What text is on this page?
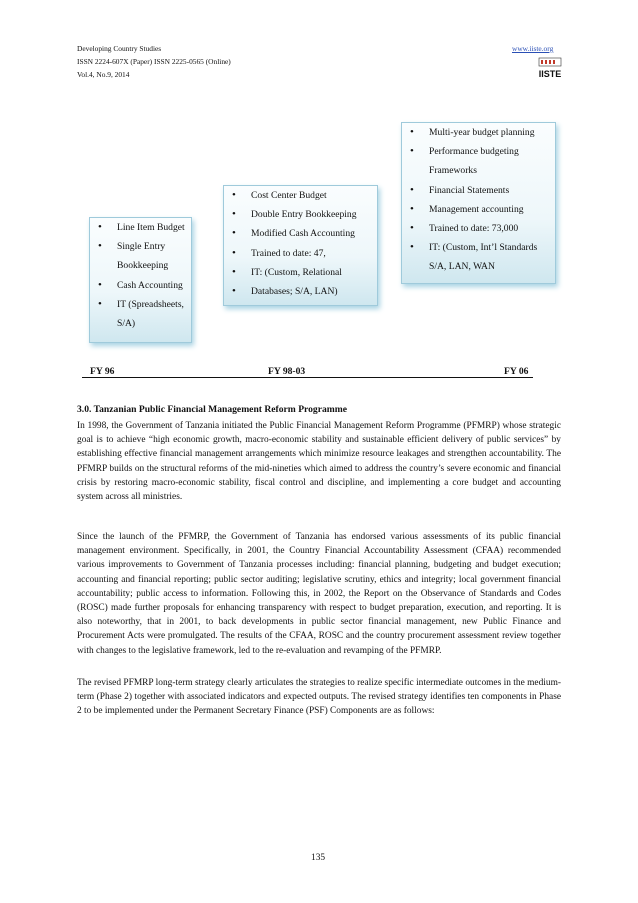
Developing Country Studies
ISSN 2224-607X (Paper) ISSN 2225-0565 (Online)
Vol.4, No.9, 2014
www.iiste.org
IISTE
• Line Item Budget
• Single Entry
Bookkeeping
• Cash Accounting
• IT (Spreadsheets,
S/A)
• Cost Center Budget
• Double Entry Bookkeeping
• Modified Cash Accounting
• Trained to date: 47,
• IT: (Custom, Relational
• Databases; S/A, LAN)
• Multi-year budget planning
• Performance budgeting
Frameworks
• Financial Statements
• Management accounting
• Trained to date: 73,000
• IT: (Custom, Int’l Standards
S/A, LAN, WAN
FY 96	FY 98-03	FY 06
3.0. Tanzanian Public Financial Management Reform Programme

In 1998, the Government of Tanzania initiated the Public Financial Management Reform Programme (PFMRP) whose strategic goal is to achieve “high economic growth, macro-economic stability and sustainable efficient delivery of public services” by establishing effective financial management arrangements which minimize resource leakages and strengthen accountability. The PFMRP builds on the structural reforms of the mid-nineties which aimed to address the country’s severe economic and financial crisis by restoring macro-economic stability, fiscal control and discipline, and implementing a core budget and accounting system across all ministries.

Since the launch of the PFMRP, the Government of Tanzania has endorsed various assessments of its public financial management environment. Specifically, in 2001, the Country Financial Accountability Assessment (CFAA) recommended various improvements to Government of Tanzania processes including: financial planning, budgeting and budget execution; accounting and financial reporting; public sector auditing; legislative scrutiny, ethics and integrity; local government financial accountability; public access to information. Following this, in 2002, the Report on the Observance of Standards and Codes (ROSC) made further proposals for enhancing transparency with respect to budget preparation, execution, and reporting. It is also noteworthy, that in 2001, to back developments in public sector financial management, new Public Finance and Procurement Acts were promulgated. The results of the CFAA, ROSC and the country procurement assessment review together with changes to the legislative framework, led to the re-evaluation and revamping of the PFMRP.

The revised PFMRP long-term strategy clearly articulates the strategies to realize specific intermediate outcomes in the medium-term (Phase 2) together with associated indicators and expected outputs. The revised strategy identifies ten components in Phase 2 to be implemented under the Permanent Secretary Finance (PSF) Components are as follows:

135
